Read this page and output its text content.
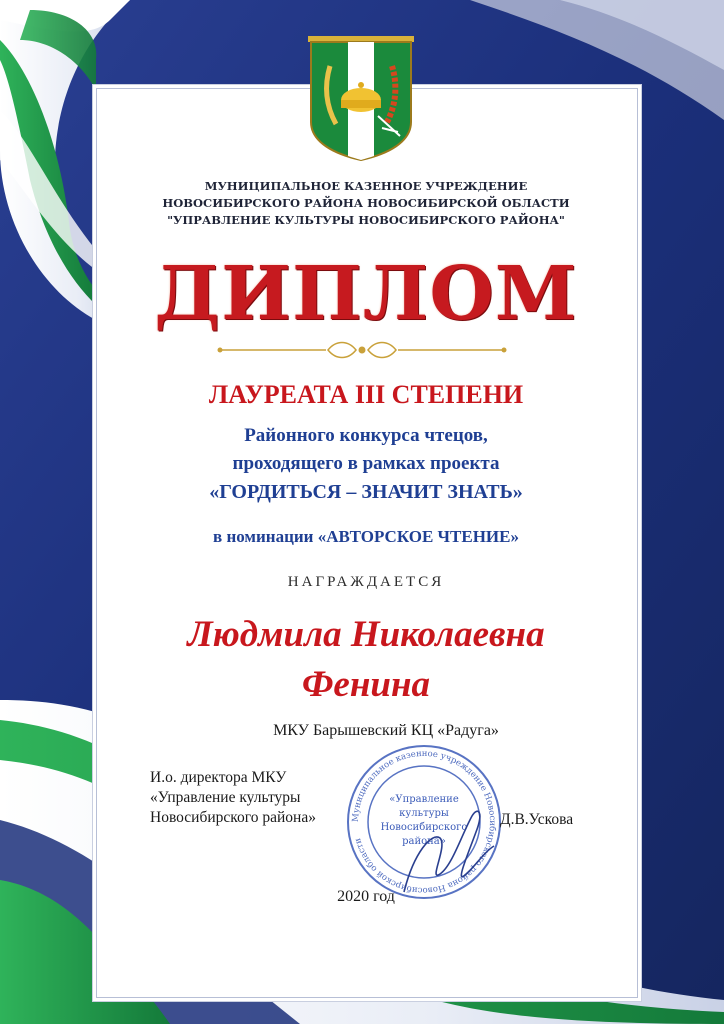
МУНИЦИПАЛЬНОЕ КАЗЕННОЕ УЧРЕЖДЕНИЕ

НОВОСИБИРСКОГО РАЙОНА НОВОСИБИРСКОЙ ОБЛАСТИ

"УПРАВЛЕНИЕ КУЛЬТУРЫ НОВОСИБИРСКОГО РАЙОНА"

ДИПЛОМ

ЛАУРЕАТА III СТЕПЕНИ

Районного конкурса чтецов,

проходящего в рамках проекта

«ГОРДИТЬСЯ – ЗНАЧИТ ЗНАТЬ»

в номинации «АВТОРСКОЕ ЧТЕНИЕ»

НАГРАЖДАЕТСЯ

Людмила Николаевна

Фенина

МКУ Барышевский КЦ «Радуга»

Муниципальное казенное учреждение Новосибирского района Новосибирской области
«Управление
культуры
Новосибирского
района»

И.о. директора МКУ
«Управление культуры
Новосибирского района»	Д.В.Ускова

2020 год
